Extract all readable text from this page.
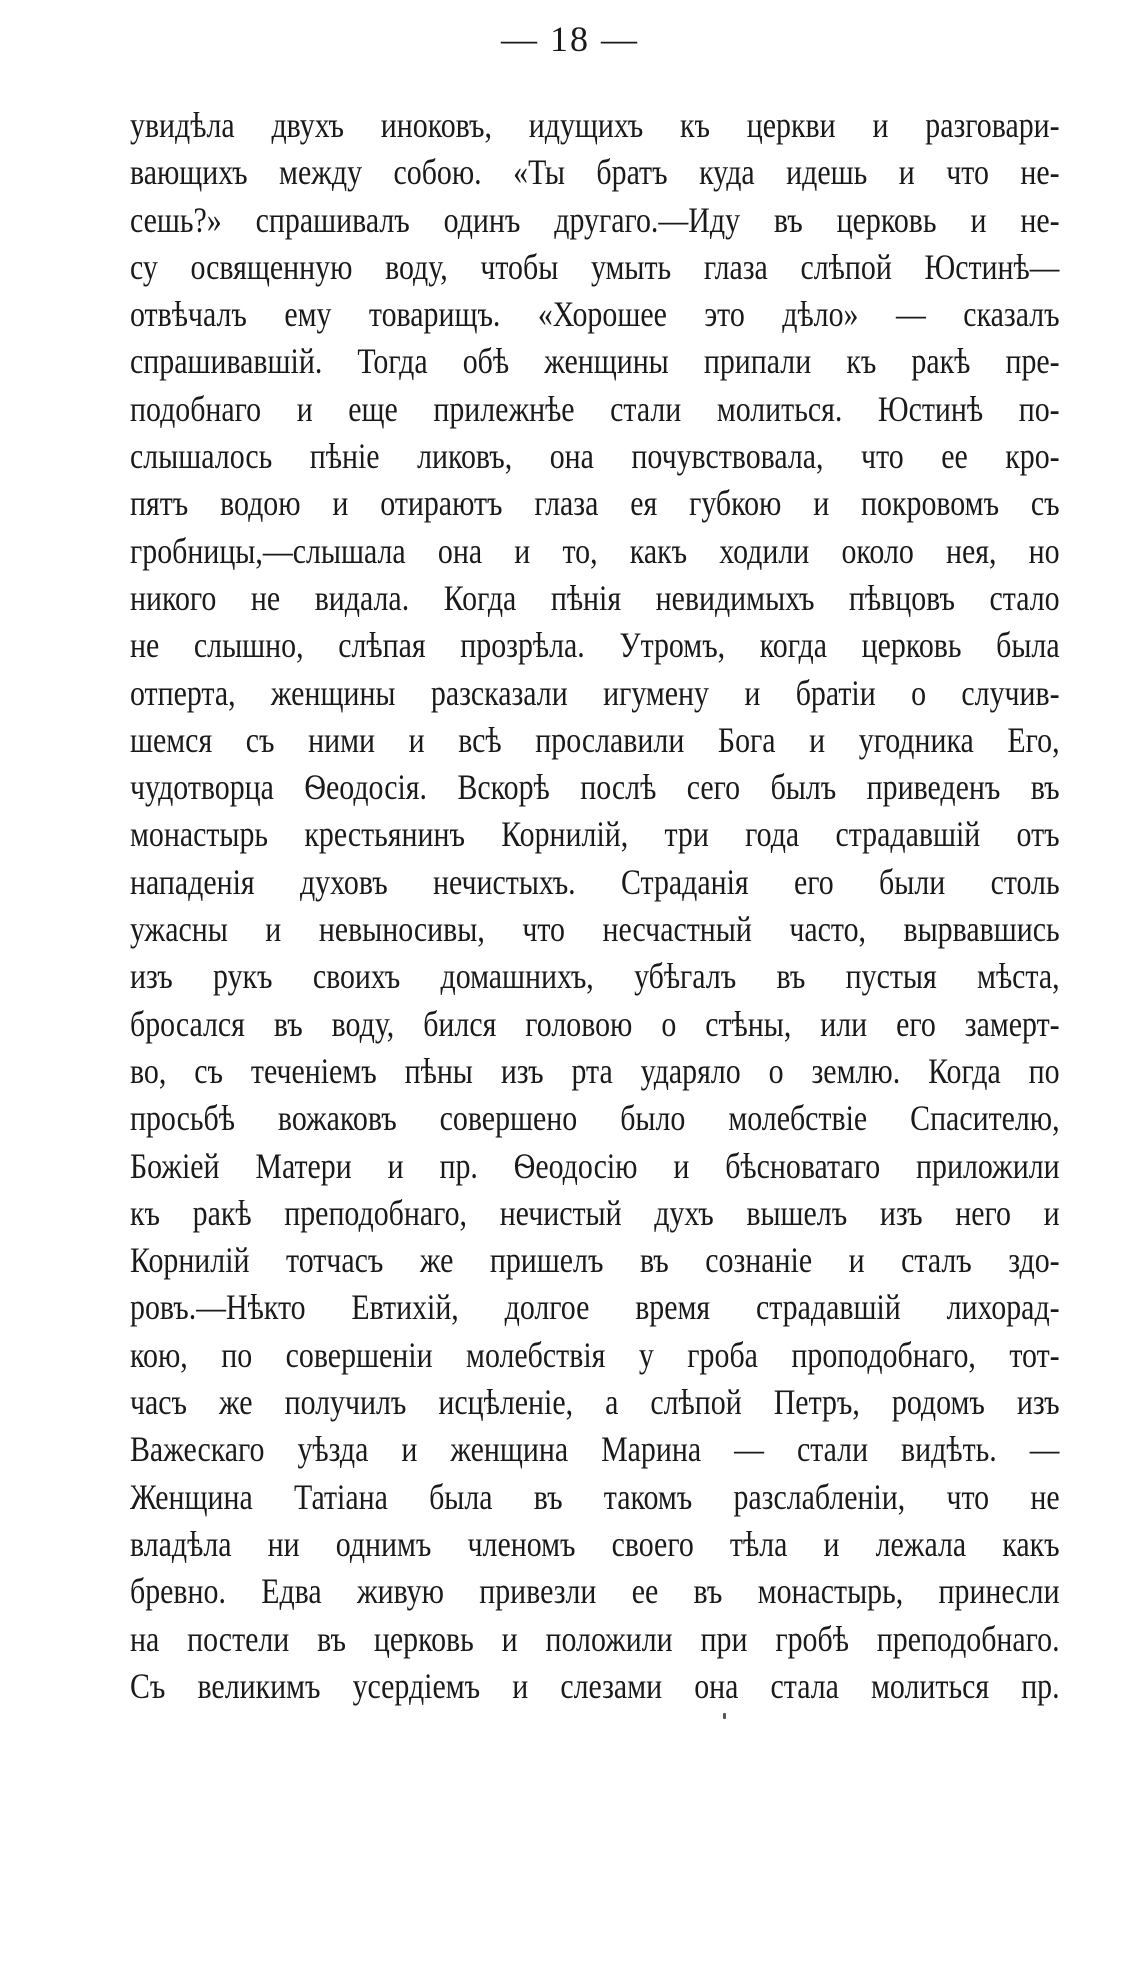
— 18 —
увидѣла двухъ иноковъ, идущихъ къ церкви и разговари-
вающихъ между собою. «Ты братъ куда идешь и что не-
сешь?» спрашивалъ одинъ другаго.—Иду въ церковь и не-
су освященную воду, чтобы умыть глаза слѣпой Юстинѣ—
отвѣчалъ ему товарищъ. «Хорошее это дѣло» — сказалъ
спрашивавшій. Тогда обѣ женщины припали къ ракѣ пре-
подобнаго и еще прилежнѣе стали молиться. Юстинѣ по-
слышалось пѣніе ликовъ, она почувствовала, что ее кро-
пятъ водою и отираютъ глаза ея губкою и покровомъ съ
гробницы,—слышала она и то, какъ ходили около нея, но
никого не видала. Когда пѣнія невидимыхъ пѣвцовъ стало
не слышно, слѣпая прозрѣла. Утромъ, когда церковь была
отперта, женщины разсказали игумену и братіи о случив-
шемся съ ними и всѣ прославили Бога и угодника Его,
чудотворца Ѳеодосія. Вскорѣ послѣ сего былъ приведенъ въ
монастырь крестьянинъ Корнилій, три года страдавшій отъ
нападенія духовъ нечистыхъ. Страданія его были столь
ужасны и невыносивы, что несчастный часто, вырвавшись
изъ рукъ своихъ домашнихъ, убѣгалъ въ пустыя мѣста,
бросался въ воду, бился головою о стѣны, или его замерт-
во, съ теченіемъ пѣны изъ рта ударяло о землю. Когда по
просьбѣ вожаковъ совершено было молебствіе Спасителю,
Божіей Матери и пр. Ѳеодосію и бѣсноватаго приложили
къ ракѣ преподобнаго, нечистый духъ вышелъ изъ него и
Корнилій тотчасъ же пришелъ въ сознаніе и сталъ здо-
ровъ.—Нѣкто Евтихій, долгое время страдавшій лихорад-
кою, по совершеніи молебствія у гроба проподобнаго, тот-
часъ же получилъ исцѣленіе, а слѣпой Петръ, родомъ изъ
Важескаго уѣзда и женщина Марина — стали видѣть. —
Женщина Татіана была въ такомъ разслабленіи, что не
владѣла ни однимъ членомъ своего тѣла и лежала какъ
бревно. Едва живую привезли ее въ монастырь, принесли
на постели въ церковь и положили при гробѣ преподобнаго.
Съ великимъ усердіемъ и слезами она стала молиться пр.
